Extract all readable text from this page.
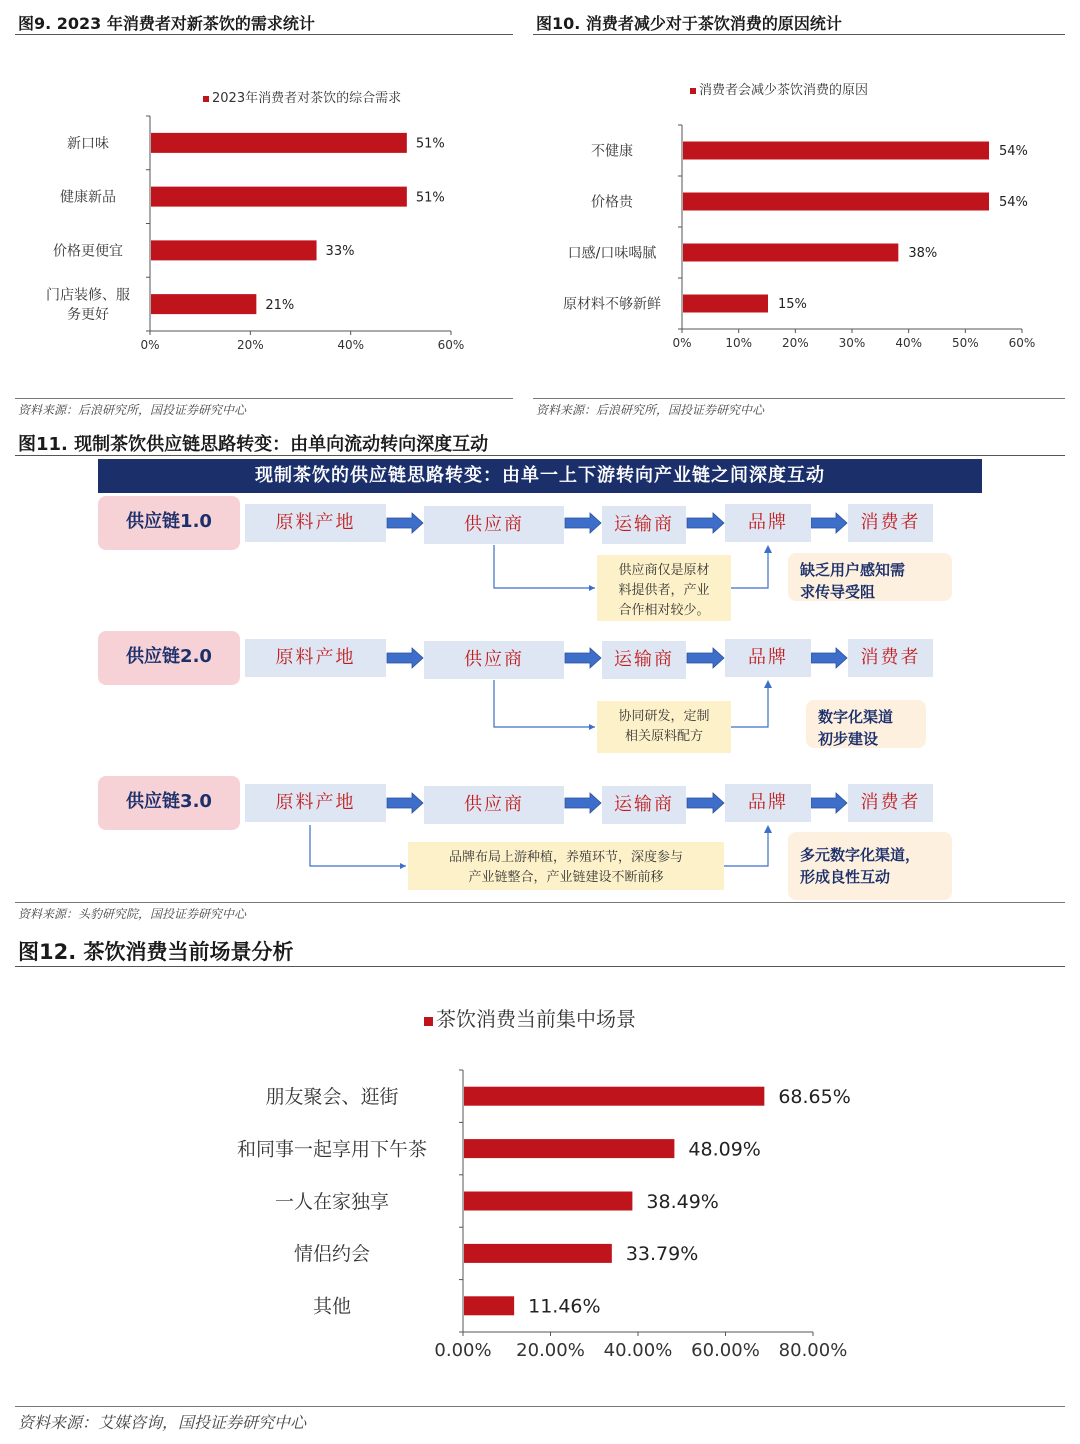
图9. 2023 年消费者对新茶饮的需求统计
2023年消费者对茶饮的综合需求
0%	20%	40%	60%
51%
新口味
51%
健康新品
33%
价格更便宜
21%
门店装修、服务更好
资料来源：后浪研究所，国投证券研究中心
图10. 消费者减少对于茶饮消费的原因统计
消费者会减少茶饮消费的原因
0%	10% 20% 30% 40% 50% 60%
54%
不健康
54%
价格贵
38%
口感/口味喝腻
15%
原材料不够新鲜
资料来源：后浪研究所，国投证券研究中心
图11. 现制茶饮供应链思路转变：由单向流动转向深度互动
现制茶饮的供应链思路转变：由单一上下游转向产业链之间深度互动
供应链1.0	原料产地	供应商	运输商	品牌	消费者
供应商仅是原材
料提供者，产业
合作相对较少。
缺乏用户感知需
求传导受阻
供应链2.0	原料产地	供应商	运输商	品牌	消费者
协同研发，定制
相关原料配方
数字化渠道
初步建设
供应链3.0	原料产地	供应商	运输商	品牌	消费者
品牌布局上游种植，养殖环节，深度参与
产业链整合，产业链建设不断前移
多元数字化渠道，
形成良性互动
资料来源：头豹研究院，国投证券研究中心
图12. 茶饮消费当前场景分析
茶饮消费当前集中场景
0.00% 20.00% 40.00% 60.00% 80.00%
68.65%
朋友聚会、逛街
48.09%
和同事一起享用下午茶
38.49%
一人在家独享
33.79%
情侣约会
11.46%
其他
资料来源：艾媒咨询，国投证券研究中心
